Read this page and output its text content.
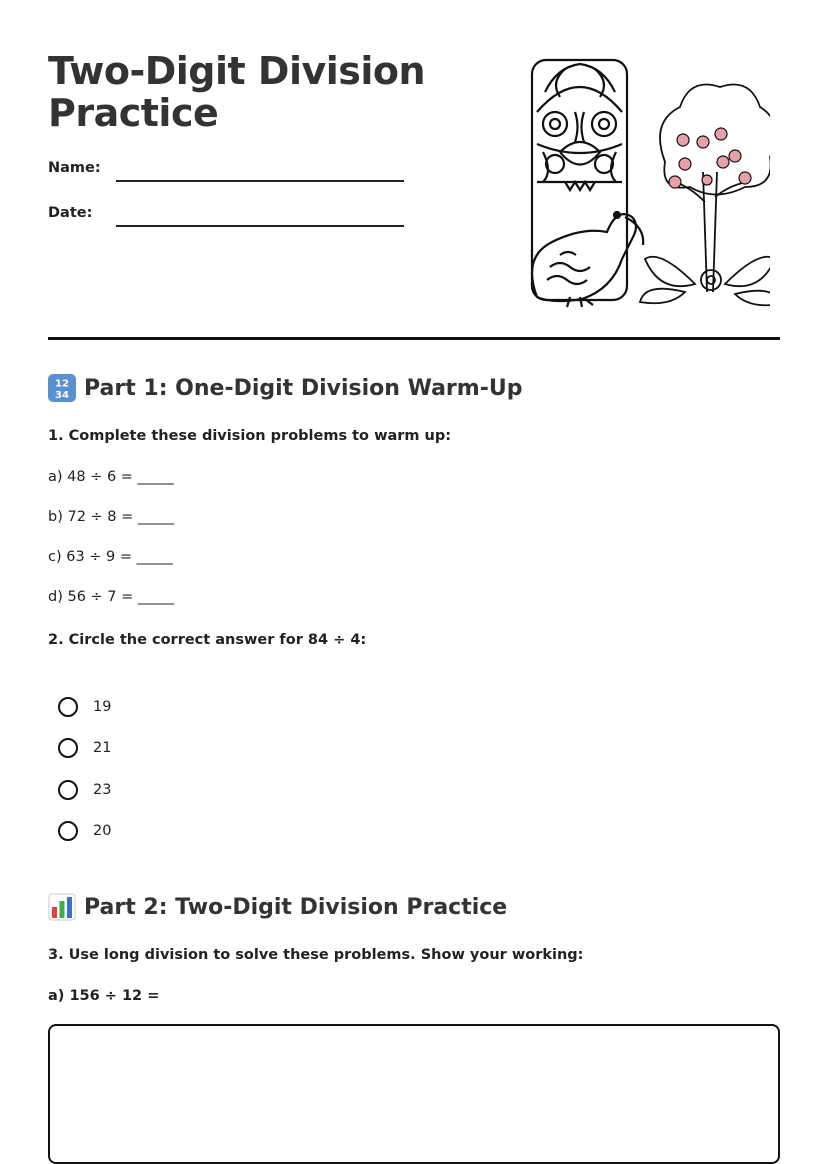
Two-Digit Division Practice
Name:
Date:
12
34 Part 1: One-Digit Division Warm-Up
1. Complete these division problems to warm up:
a) 48 ÷ 6 = _____
b) 72 ÷ 8 = _____
c) 63 ÷ 9 = _____
d) 56 ÷ 7 = _____
2. Circle the correct answer for 84 ÷ 4:
19
21
23
20
Part 2: Two-Digit Division Practice
3. Use long division to solve these problems. Show your working:
a) 156 ÷ 12 =
